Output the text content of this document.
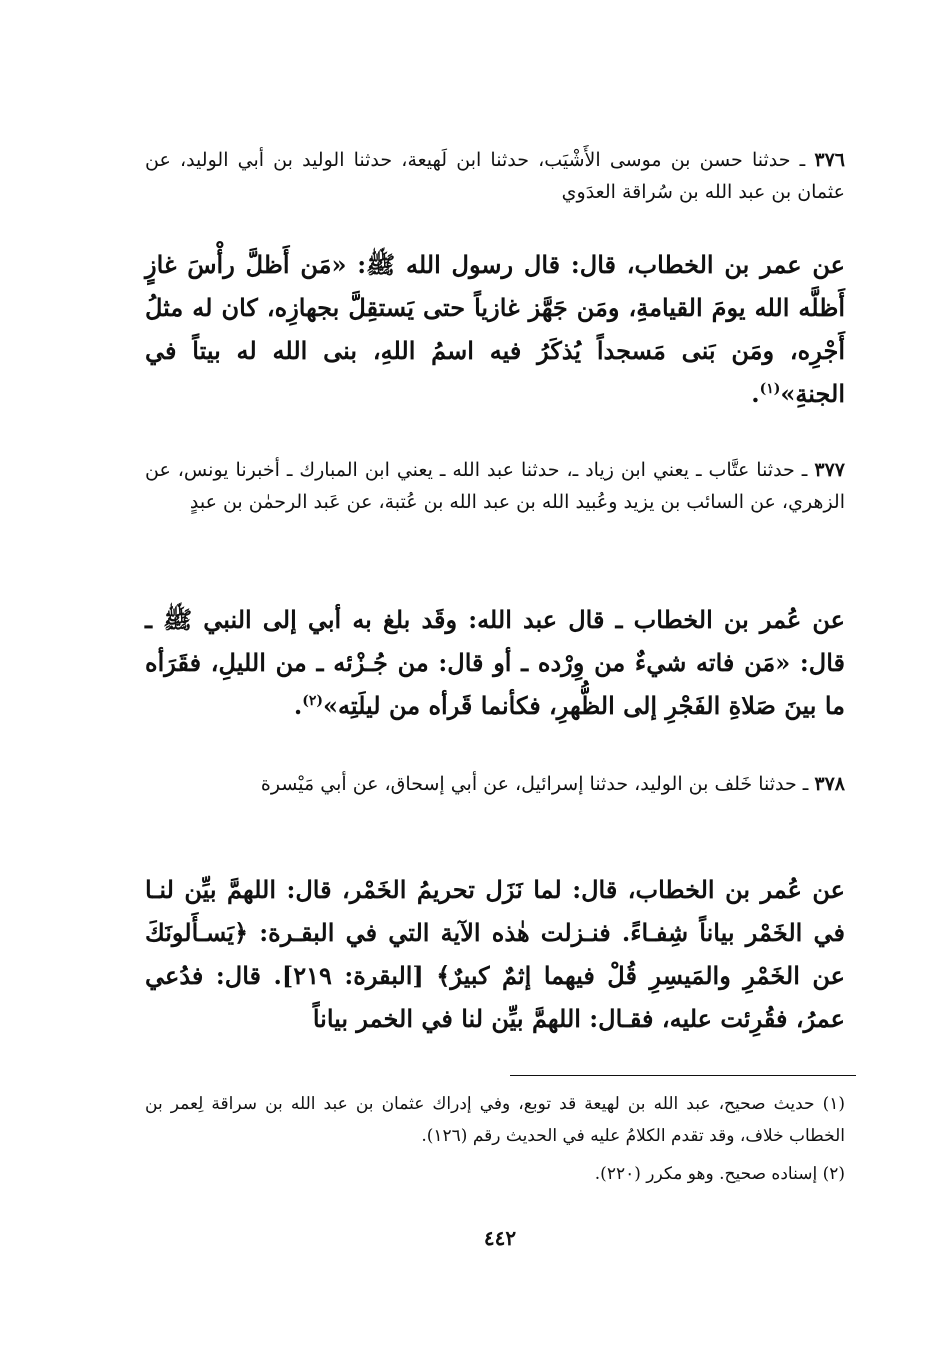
٣٧٦ ـ حدثنا حسن بن موسى الأَشْيَب، حدثنا ابن لَهيعة، حدثنا الوليد بن أبي الوليد، عن عثمان بن عبد الله بن سُراقة العدَوي

عن عمر بن الخطاب، قال: قال رسول الله ﷺ: «مَن أَظلَّ رأْسَ غازٍ أَظلَّه الله يومَ القيامةِ، ومَن جَهَّز غازياً حتى يَستقِلَّ بجهازِه، كان له مثلُ أَجْرِه، ومَن بَنى مَسجداً يُذكَرُ فيه اسمُ اللهِ، بنى الله له بيتاً في الجنةِ»$^{(١)}$.

٣٧٧ ـ حدثنا عتَّاب ـ يعني ابن زياد ـ، حدثنا عبد الله ـ يعني ابن المبارك ـ أخبرنا يونس، عن الزهري، عن السائب بن يزيد وعُبيد الله بن عبد الله بن عُتبة، عن عَبد الرحمٰن بن عبدٍ

عن عُمر بن الخطاب ـ قال عبد الله: وقَد بلغ به أبي إلى النبي ﷺ ـ قال: «مَن فاته شيءٌ من وِرْده ـ أو قال: من جُـزْئه ـ من الليلِ، فقَرَأه ما بينَ صَلاةِ الفَجْرِ إلى الظُّهرِ، فكأنما قَرأه من ليلَتِه»$^{(٢)}$.

٣٧٨ ـ حدثنا خَلف بن الوليد، حدثنا إسرائيل، عن أبي إسحاق، عن أبي مَيْسرة

عن عُمر بن الخطاب، قال: لما نَزَل تحريمُ الخَمْر، قال: اللهمَّ بيِّن لنـا في الخَمْر بياناً شِفـاءً. فنـزلت هٰذه الآية التي في البقـرة: ﴿يَسـأَلونَكَ عن الخَمْرِ والمَيسِرِ قُلْ فيهما إثمٌ كبيرٌ﴾ [البقرة: ٢١٩]. قال: فدُعي عمرُ، فقُرِئت عليه، فقـال: اللهمَّ بيِّن لنا في الخمر بياناً

(١) حديث صحيح، عبد الله بن لهيعة قد توبع، وفي إدراك عثمان بن عبد الله بن سراقة لِعمر بن الخطاب خلاف، وقد تقدم الكلامُ عليه في الحديث رقم (١٢٦).

(٢) إسناده صحيح. وهو مكرر (٢٢٠).

٤٤٢
